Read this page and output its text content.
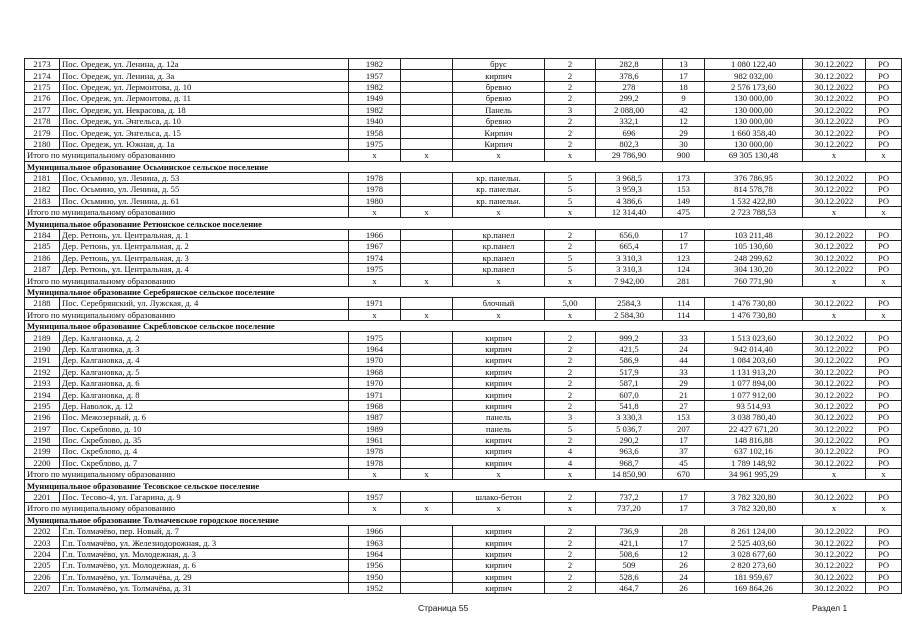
2173	Пос. Оредеж, ул. Ленина, д. 12а	1982		брус	2	282,8	13	1 080 122,40	30.12.2022	РО
2174	Пос. Оредеж, ул. Ленина, д. 3а	1957		кирпич	2	378,6	17	982 032,00	30.12.2022	РО
2175	Пос. Оредеж, ул. Лермонтова, д. 10	1982		бревно	2	278	18	2 576 173,60	30.12.2022	РО
2176	Пос. Оредеж, ул. Лермонтова, д. 11	1949		бревно	2	299,2	9	130 000,00	30.12.2022	РО
2177	Пос. Оредеж, ул. Некрасова, д. 18	1982		Панель	3	2 088,00	42	130 000,00	30.12.2022	РО
2178	Пос. Оредеж, ул. Энгельса, д. 10	1940		бревно	2	332,1	12	130 000,00	30.12.2022	РО
2179	Пос. Оредеж, ул. Энгельса, д. 15	1958		Кирпич	2	696	29	1 660 358,40	30.12.2022	РО
2180	Пос. Оредеж, ул. Южная, д. 1а	1975		Кирпич	2	802,3	30	130 000,00	30.12.2022	РО
Итого по муниципальному образованию		х	х	х	х	29 786,90	900	69 305 130,48	х	х
Муниципальное образование Осьминское сельское поселение										
2181	Пос. Осьмино, ул. Ленина, д. 53	1978		кр. панельн.	5	3 968,5	173	376 786,95	30.12.2022	РО
2182	Пос. Осьмино, ул. Ленина, д. 55	1978		кр. панельн.	5	3 959,3	153	814 578,78	30.12.2022	РО
2183	Пос. Осьмино, ул. Ленина, д. 61	1980		кр. панельн.	5	4 386,6	149	1 532 422,80	30.12.2022	РО
Итого по муниципальному образованию		х	х	х	х	12 314,40	475	2 723 788,53	х	х
Муниципальное образование Ретюнское сельское поселение										
2184	Дер. Ретюнь, ул. Центральная, д. 1	1966		кр.панел	2	656,0	17	103 211,48	30.12.2022	РО
2185	Дер. Ретюнь, ул. Центральная, д. 2	1967		кр.панел	2	665,4	17	105 130,60	30.12.2022	РО
2186	Дер. Ретюнь, ул. Центральная, д. 3	1974		кр.панел	5	3 310,3	123	248 299,62	30.12.2022	РО
2187	Дер. Ретюнь, ул. Центральная, д. 4	1975		кр.панел	5	3 310,3	124	304 130,20	30.12.2022	РО
Итого по муниципальному образованию		х	х	х	х	7 942,00	281	760 771,90	х	х
Муниципальное образование Серебрянское сельское поселение										
2188	Пос. Серебрянский, ул. Лужская, д. 4	1971		блочный	5,00	2584,3	114	1 476 730,80	30.12.2022	РО
Итого по муниципальному образованию		х	х	х	х	2 584,30	114	1 476 730,80	х	х
Муниципальное образование Скребловское сельское поселение										
2189	Дер. Калгановка, д. 2	1975		кирпич	2	999,2	33	1 513 023,60	30.12.2022	РО
2190	Дер. Калгановка, д. 3	1964		кирпич	2	421,5	24	942 014,40	30.12.2022	РО
2191	Дер. Калгановка, д. 4	1970		кирпич	2	586,9	44	1 084 203,60	30.12.2022	РО
2192	Дер. Калгановка, д. 5	1968		кирпич	2	517,9	33	1 131 913,20	30.12.2022	РО
2193	Дер. Калгановка, д. 6	1970		кирпич	2	587,1	29	1 077 894,00	30.12.2022	РО
2194	Дер. Калгановка, д. 8	1971		кирпич	2	607,0	21	1 077 912,00	30.12.2022	РО
2195	Дер. Наволок, д. 12	1968		кирпич	2	541,8	27	93 514,93	30.12.2022	РО
2196	Пос. Межозерный, д. 6	1987		панель	3	3 330,3	153	3 038 780,40	30.12.2022	РО
2197	Пос. Скреблово, д. 10	1989		панель	5	5 036,7	207	22 427 671,20	30.12.2022	РО
2198	Пос. Скреблово, д. 35	1961		кирпич	2	290,2	17	148 816,88	30.12.2022	РО
2199	Пос. Скреблово, д. 4	1978		кирпич	4	963,6	37	637 102,16	30.12.2022	РО
2200	Пос. Скреблово, д. 7	1978		кирпич	4	968,7	45	1 789 148,92	30.12.2022	РО
Итого по муниципальному образованию		х	х	х	х	14 850,90	670	34 961 995,29	х	х
Муниципальное образование Тесовское сельское поселение										
2201	Пос. Тесово-4, ул. Гагарина, д. 9	1957		шлако-бетон	2	737,2	17	3 782 320,80	30.12.2022	РО
Итого по муниципальному образованию		х	х	х	х	737,20	17	3 782 320,80	х	х
Муниципальное образование Толмачевское городское поселение										
2202	Г.п. Толмачёво, пер. Новый, д. 7	1966		кирпич	2	736,9	28	8 261 124,00	30.12.2022	РО
2203	Г.п. Толмачёво, ул. Железнодорожная, д. 3	1963		кирпич	2	421,1	17	2 525 403,60	30.12.2022	РО
2204	Г.п. Толмачёво, ул. Молодежная, д. 3	1964		кирпич	2	508,6	12	3 028 677,60	30.12.2022	РО
2205	Г.п. Толмачёво, ул. Молодежная, д. 6	1956		кирпич	2	509	26	2 820 273,60	30.12.2022	РО
2206	Г.п. Толмачёво, ул. Толмачёва, д. 29	1950		кирпич	2	528,6	24	181 959,67	30.12.2022	РО
2207	Г.п. Толмачёво, ул. Толмачёва, д. 31	1952		кирпич	2	464,7	26	169 864,26	30.12.2022	РО
Страница 55	Раздел 1
